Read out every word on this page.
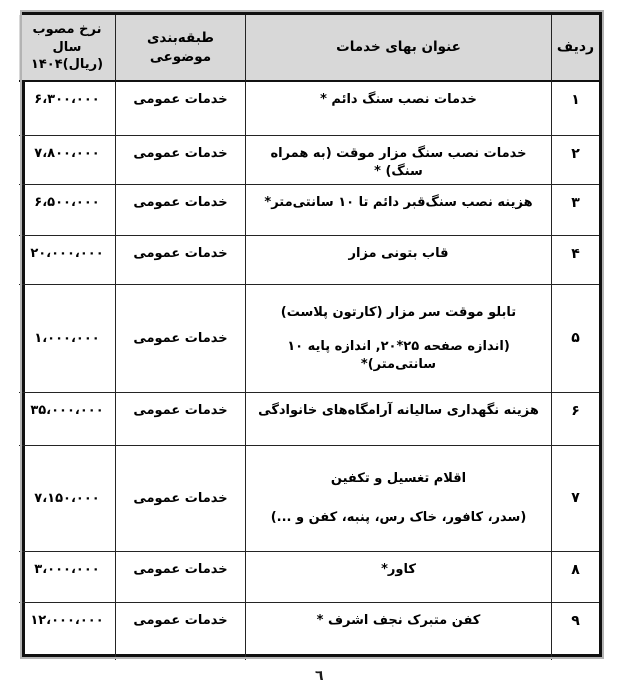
ردیف
عنوان بهای خدمات
طبقه‌بندی موضوعی
نرخ مصوب سال
۱۴۰۴(ریال)
۱
خدمات نصب سنگ دائم *
خدمات عمومی
۶،۳۰۰،۰۰۰
۲
خدمات نصب سنگ مزار موقت (به همراه سنگ) *
خدمات عمومی
۷،۸۰۰،۰۰۰
۳
هزینه نصب سنگ‌قبر دائم تا ۱۰ سانتی‌متر*
خدمات عمومی
۶،۵۰۰،۰۰۰
۴
قاب بتونی مزار
خدمات عمومی
۲۰،۰۰۰،۰۰۰
۵
تابلو موقت سر مزار (کارتون پلاست)
(اندازه صفحه ۲۵*۲۰, اندازه پایه ۱۰ سانتی‌متر)*
خدمات عمومی
۱،۰۰۰،۰۰۰
۶
هزینه نگهداری سالیانه آرامگاه‌های خانوادگی
خدمات عمومی
۳۵،۰۰۰،۰۰۰
۷
اقلام تغسیل و تکفین
(سدر، کافور، خاک رس، پنبه، کفن و ...)
خدمات عمومی
۷،۱۵۰،۰۰۰
۸
کاور*
خدمات عمومی
۳،۰۰۰،۰۰۰
۹
کفن متبرک نجف اشرف *
خدمات عمومی
۱۲،۰۰۰،۰۰۰
٦
